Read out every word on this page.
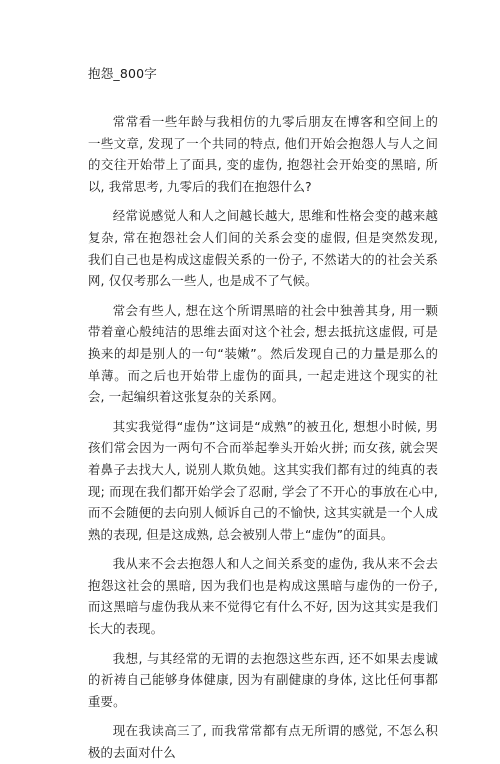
抱怨_800字

常常看一些年龄与我相仿的九零后朋友在博客和空间上的一些文章, 发现了一个共同的特点, 他们开始会抱怨人与人之间的交往开始带上了面具, 变的虚伪, 抱怨社会开始变的黑暗, 所以, 我常思考, 九零后的我们在抱怨什么?

经常说感觉人和人之间越长越大, 思维和性格会变的越来越复杂, 常在抱怨社会人们间的关系会变的虚假, 但是突然发现, 我们自己也是构成这虚假关系的一份子, 不然诺大的的社会关系网, 仅仅考那么一些人, 也是成不了气候。

常会有些人, 想在这个所谓黑暗的社会中独善其身, 用一颗带着童心般纯洁的思维去面对这个社会, 想去抵抗这虚假, 可是换来的却是别人的一句“装嫩”。然后发现自己的力量是那么的单薄。而之后也开始带上虚伪的面具, 一起走进这个现实的社会, 一起编织着这张复杂的关系网。

其实我觉得“虚伪”这词是“成熟”的被丑化, 想想小时候, 男孩们常会因为一两句不合而举起拳头开始火拼; 而女孩, 就会哭着鼻子去找大人, 说别人欺负她。这其实我们都有过的纯真的表现; 而现在我们都开始学会了忍耐, 学会了不开心的事放在心中, 而不会随便的去向别人倾诉自己的不愉快, 这其实就是一个人成熟的表现, 但是这成熟, 总会被别人带上“虚伪”的面具。

我从来不会去抱怨人和人之间关系变的虚伪, 我从来不会去抱怨这社会的黑暗, 因为我们也是构成这黑暗与虚伪的一份子, 而这黑暗与虚伪我从来不觉得它有什么不好, 因为这其实是我们长大的表现。

我想, 与其经常的无谓的去抱怨这些东西, 还不如果去虔诚的祈祷自己能够身体健康, 因为有副健康的身体, 这比任何事都重要。

现在我读高三了, 而我常常都有点无所谓的感觉, 不怎么积极的去面对什么
